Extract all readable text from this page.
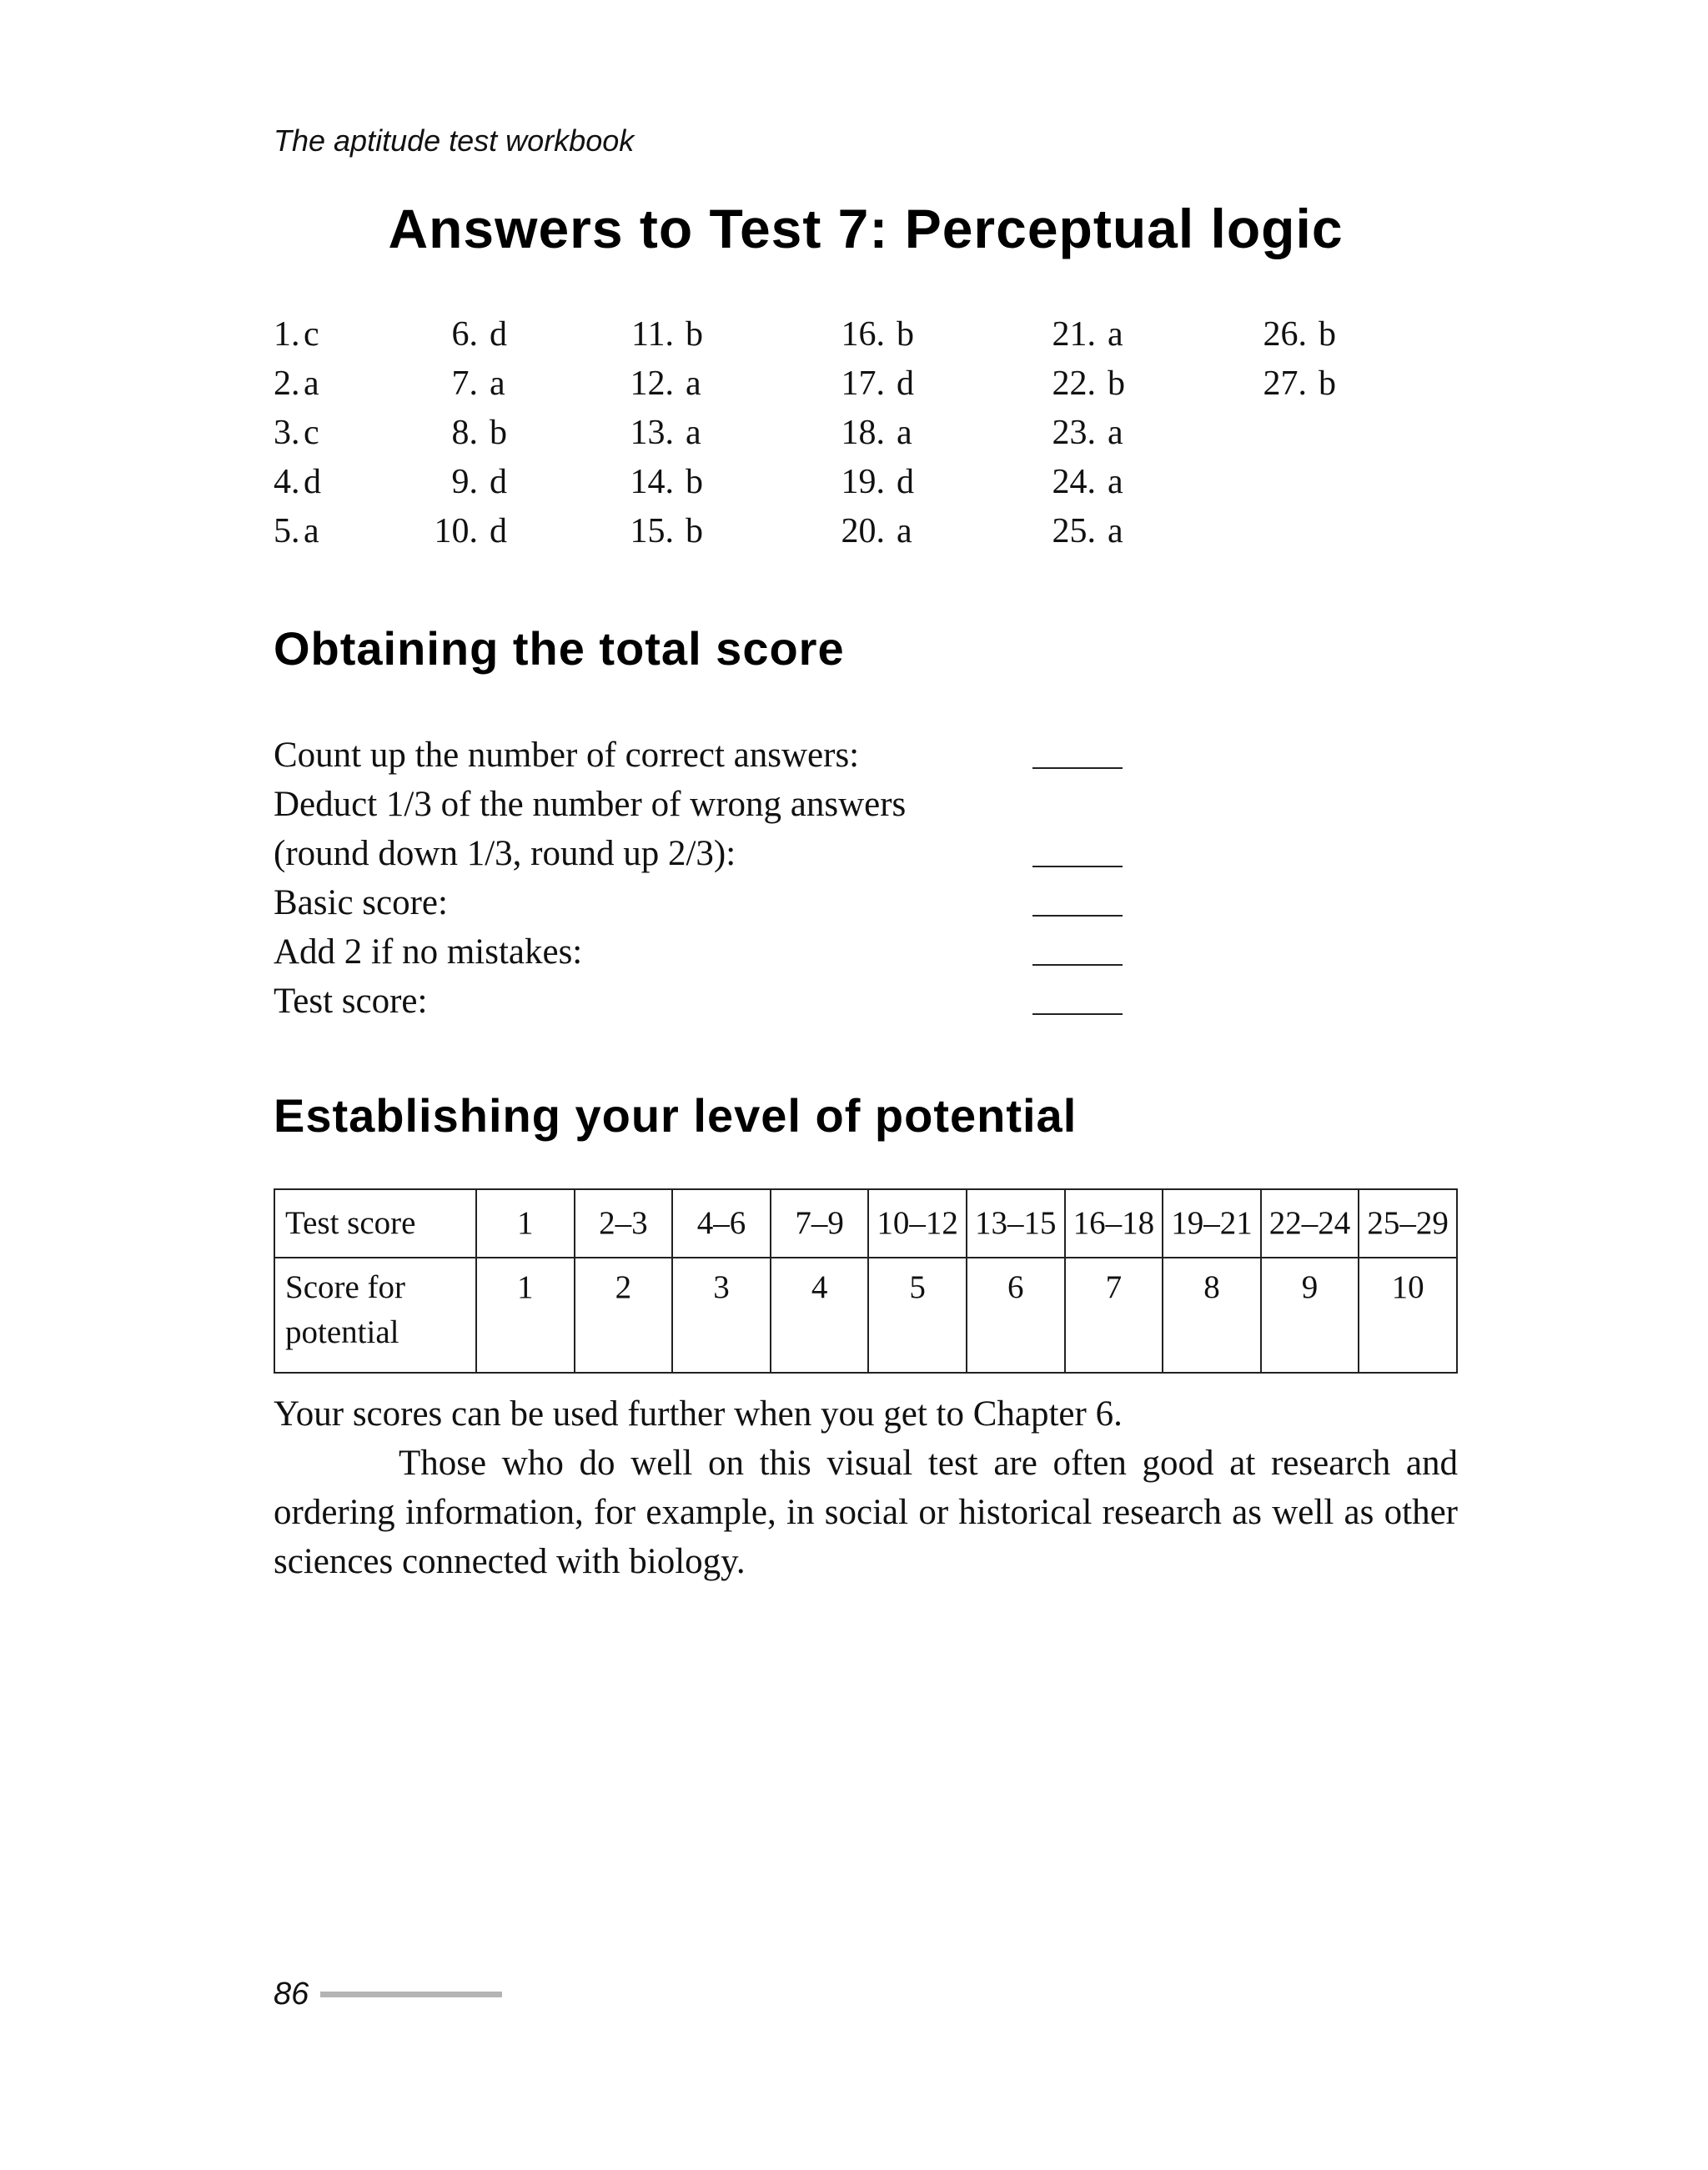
The aptitude test workbook
Answers to Test 7: Perceptual logic
1. c
2. a
3. c
4. d
5. a
6. d
7. a
8. b
9. d
10. d
11. b
12. a
13. a
14. b
15. b
16. b
17. d
18. a
19. d
20. a
21. a
22. b
23. a
24. a
25. a
26. b
27. b
Obtaining the total score
Count up the number of correct answers:
Deduct 1/3 of the number of wrong answers
(round down 1/3, round up 2/3):
Basic score:
Add 2 if no mistakes:
Test score:
Establishing your level of potential
Test score	1	2–3	4–6	7–9	10–12	13–15	16–18	19–21	22–24	25–29
Score for potential	1	2	3	4	5	6	7	8	9	10

Your scores can be used further when you get to Chapter 6.

Those who do well on this visual test are often good at research and ordering information, for example, in social or historical research as well as other sciences connected with biology.

86
